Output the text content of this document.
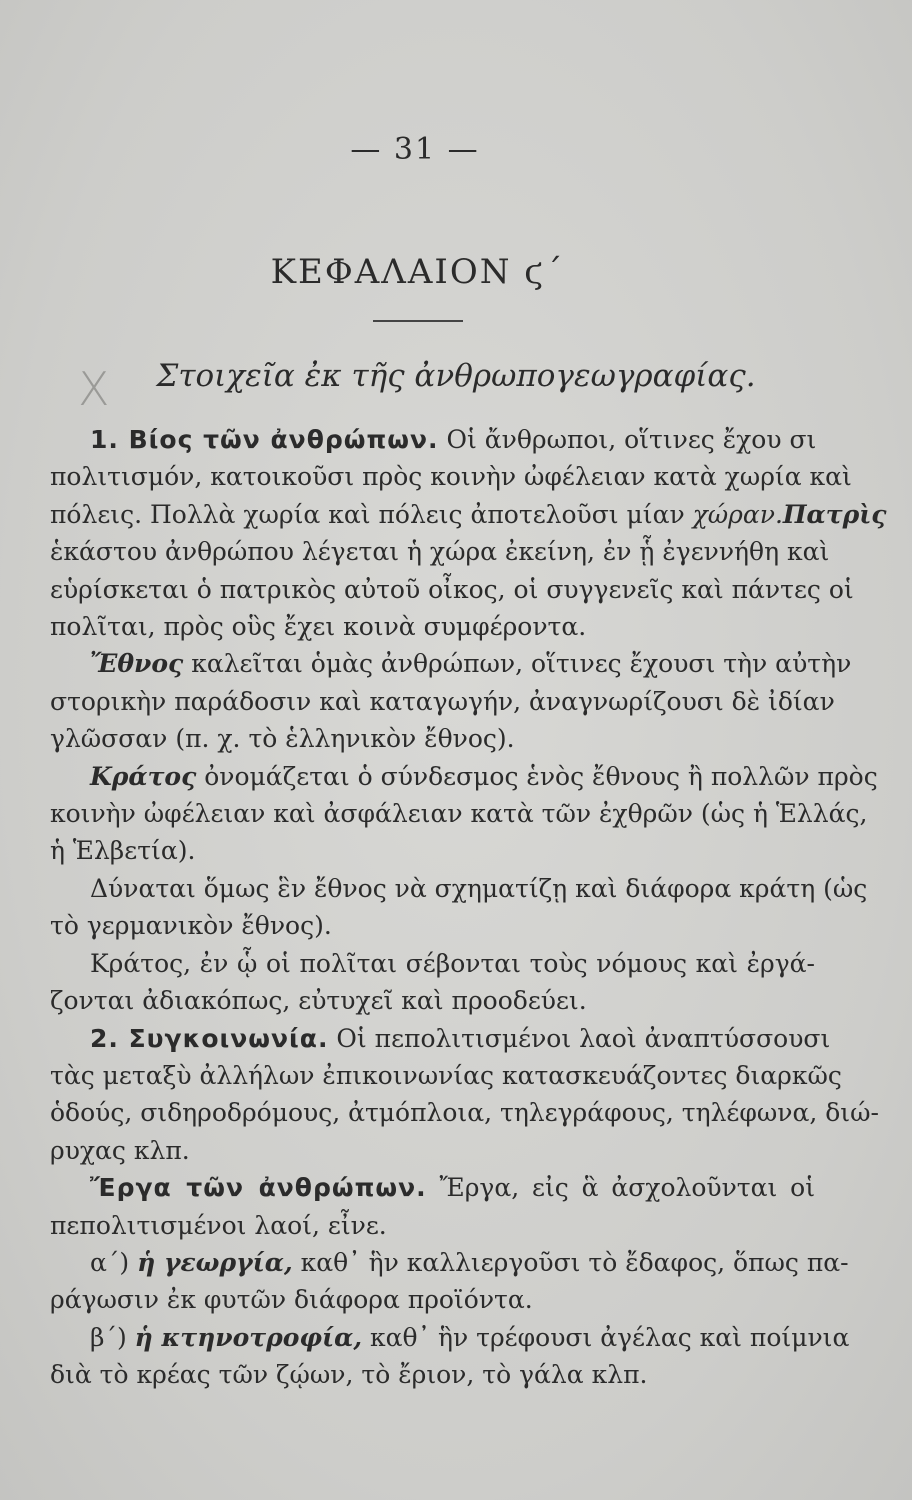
— 31 —
ΚΕΦΑΛΑΙΟΝ ϛ΄
X	Στοιχεῖα ἐκ τῆς ἀνθρωπογεωγραφίας.
1. Βίος τῶν ἀνθρώπων. Οἱ ἄνθρωποι, οἵτινες ἔχου σι
πολιτισμόν, κατοικοῦσι πρὸς κοινὴν ὠφέλειαν κατὰ χωρία καὶ
πόλεις. Πολλὰ χωρία καὶ πόλεις ἀποτελοῦσι μίαν χώραν.Πατρὶς
ἑκάστου ἀνθρώπου λέγεται ἡ χώρα ἐκείνη, ἐν ᾗ ἐγεννήθη καὶ
εὑρίσκεται ὁ πατρικὸς αὐτοῦ οἶκος, οἱ συγγενεῖς καὶ πάντες οἱ
πολῖται, πρὸς οὓς ἔχει κοινὰ συμφέροντα.
Ἔθνος καλεῖται ὁμὰς ἀνθρώπων, οἵτινες ἔχουσι τὴν αὐτὴν
στορικὴν παράδοσιν καὶ καταγωγήν, ἀναγνωρίζουσι δὲ ἰδίαν
γλῶσσαν (π. χ. τὸ ἑλληνικὸν ἔθνος).
Κράτος ὀνομάζεται ὁ σύνδεσμος ἑνὸς ἔθνους ἢ πολλῶν πρὸς
κοινὴν ὠφέλειαν καὶ ἀσφάλειαν κατὰ τῶν ἐχθρῶν (ὡς ἡ Ἑλλάς,
ἡ Ἑλβετία).
Δύναται ὅμως ἓν ἔθνος νὰ σχηματίζῃ καὶ διάφορα κράτη (ὡς
τὸ γερμανικὸν ἔθνος).
Κράτος, ἐν ᾧ οἱ πολῖται σέβονται τοὺς νόμους καὶ ἐργά-
ζονται ἀδιακόπως, εὐτυχεῖ καὶ προοδεύει.
2. Συγκοινωνία. Οἱ πεπολιτισμένοι λαοὶ ἀναπτύσσουσι
τὰς μεταξὺ ἀλλήλων ἐπικοινωνίας κατασκευάζοντες διαρκῶς
ὁδούς, σιδηροδρόμους, ἀτμόπλοια, τηλεγράφους, τηλέφωνα, διώ-
ρυχας κλπ.
Ἔργα τῶν ἀνθρώπων. Ἔργα, εἰς ἃ ἀσχολοῦνται οἱ
πεπολιτισμένοι λαοί, εἶνε.
α΄) ἡ γεωργία, καθ᾽ ἣν καλλιεργοῦσι τὸ ἔδαφος, ὅπως πα-
ράγωσιν ἐκ φυτῶν διάφορα προϊόντα.
β΄) ἡ κτηνοτροφία, καθ᾽ ἣν τρέφουσι ἀγέλας καὶ ποίμνια
διὰ τὸ κρέας τῶν ζῴων, τὸ ἔριον, τὸ γάλα κλπ.
